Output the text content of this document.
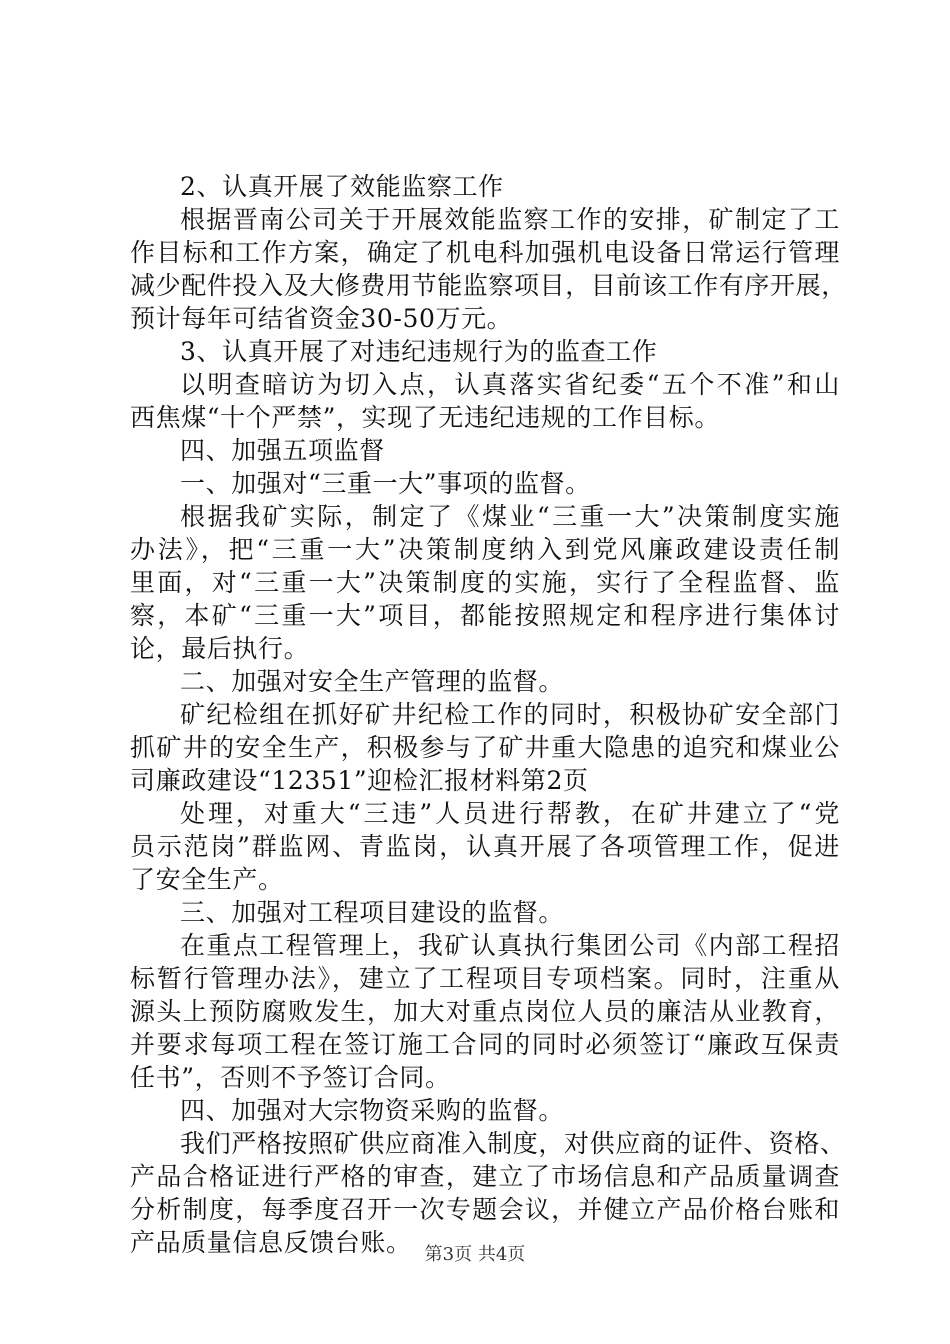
2、认真开展了效能监察工作
根据晋南公司关于开展效能监察工作的安排，矿制定了工
作目标和工作方案，确定了机电科加强机电设备日常运行管理
减少配件投入及大修费用节能监察项目，目前该工作有序开展，
预计每年可结省资金30-50万元。
3、认真开展了对违纪违规行为的监查工作
以明查暗访为切入点，认真落实省纪委“五个不准”和山
西焦煤“十个严禁”，实现了无违纪违规的工作目标。
四、加强五项监督
一、加强对“三重一大”事项的监督。
根据我矿实际，制定了《煤业“三重一大”决策制度实施
办法》，把“三重一大”决策制度纳入到党风廉政建设责任制
里面，对“三重一大”决策制度的实施，实行了全程监督、监
察，本矿“三重一大”项目，都能按照规定和程序进行集体讨
论，最后执行。
二、加强对安全生产管理的监督。
矿纪检组在抓好矿井纪检工作的同时，积极协矿安全部门
抓矿井的安全生产，积极参与了矿井重大隐患的追究和煤业公
司廉政建设“12351”迎检汇报材料第2页
处理，对重大“三违”人员进行帮教，在矿井建立了“党
员示范岗”群监网、青监岗，认真开展了各项管理工作，促进
了安全生产。
三、加强对工程项目建设的监督。
在重点工程管理上，我矿认真执行集团公司《内部工程招
标暂行管理办法》，建立了工程项目专项档案。同时，注重从
源头上预防腐败发生，加大对重点岗位人员的廉洁从业教育，
并要求每项工程在签订施工合同的同时必须签订“廉政互保责
任书”，否则不予签订合同。
四、加强对大宗物资采购的监督。
我们严格按照矿供应商准入制度，对供应商的证件、资格、
产品合格证进行严格的审查，建立了市场信息和产品质量调查
分析制度，每季度召开一次专题会议，并健立产品价格台账和
产品质量信息反馈台账。 第3页 共4页
